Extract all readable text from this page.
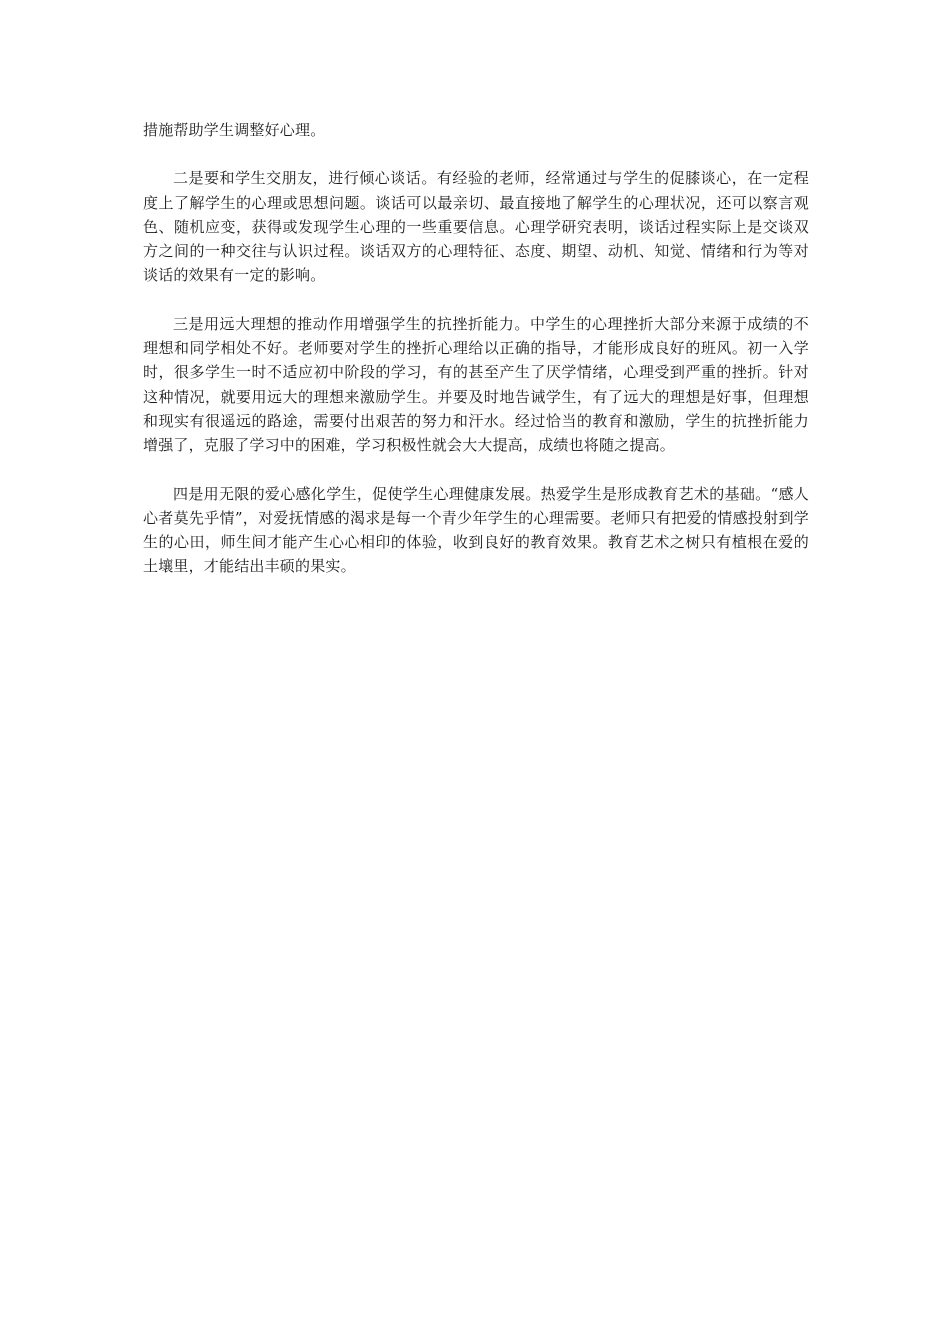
措施帮助学生调整好心理。

二是要和学生交朋友，进行倾心谈话。有经验的老师，经常通过与学生的促膝谈心，在一定程度上了解学生的心理或思想问题。谈话可以最亲切、最直接地了解学生的心理状况，还可以察言观色、随机应变，获得或发现学生心理的一些重要信息。心理学研究表明，谈话过程实际上是交谈双方之间的一种交往与认识过程。谈话双方的心理特征、态度、期望、动机、知觉、情绪和行为等对谈话的效果有一定的影响。

三是用远大理想的推动作用增强学生的抗挫折能力。中学生的心理挫折大部分来源于成绩的不理想和同学相处不好。老师要对学生的挫折心理给以正确的指导，才能形成良好的班风。初一入学时，很多学生一时不适应初中阶段的学习，有的甚至产生了厌学情绪，心理受到严重的挫折。针对这种情况，就要用远大的理想来激励学生。并要及时地告诫学生，有了远大的理想是好事，但理想和现实有很遥远的路途，需要付出艰苦的努力和汗水。经过恰当的教育和激励，学生的抗挫折能力增强了，克服了学习中的困难，学习积极性就会大大提高，成绩也将随之提高。

四是用无限的爱心感化学生，促使学生心理健康发展。热爱学生是形成教育艺术的基础。“感人心者莫先乎情”，对爱抚情感的渴求是每一个青少年学生的心理需要。老师只有把爱的情感投射到学生的心田，师生间才能产生心心相印的体验，收到良好的教育效果。教育艺术之树只有植根在爱的土壤里，才能结出丰硕的果实。
